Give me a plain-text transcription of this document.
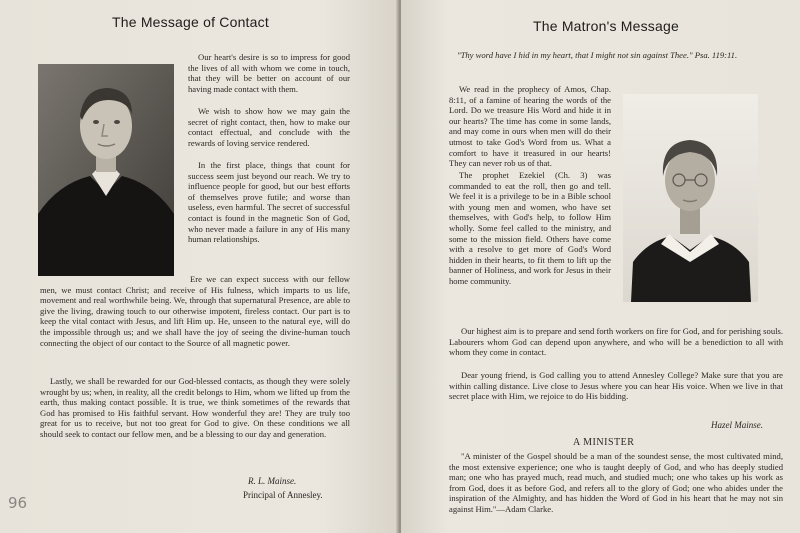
The Message of Contact

Our heart's desire is so to impress for good the lives of all with whom we come in touch, that they will be better on account of our having made contact with them.

We wish to show how we may gain the secret of right contact, then, how to make our contact effectual, and conclude with the rewards of loving service rendered.

In the first place, things that count for success seem just beyond our reach. We try to influence people for good, but our best efforts of themselves prove futile; and worse than useless, even harmful. The secret of successful contact is found in the magnetic Son of God, who never made a failure in any of His many human relationships.

Ere we can expect success with our fellow men, we must contact Christ; and receive of His fulness, which imparts to us life, movement and real worthwhile being. We, through that supernatural Presence, are able to give the living, drawing touch to our otherwise impotent, fireless contact. Our part is to keep the vital contact with Jesus, and lift Him up. He, unseen to the natural eye, will do the impossible through us; and we shall have the joy of seeing the divine-human touch connecting the object of our contact to the Source of all magnetic power.

Lastly, we shall be rewarded for our God-blessed contacts, as though they were solely wrought by us; when, in reality, all the credit belongs to Him, whom we lifted up from the earth, thus making contact possible. It is true, we think sometimes of the rewards that God has promised to His faithful servant. How wonderful they are! They are truly too great for us to receive, but not too great for God to give. On these conditions we all should seek to contact our fellow men, and be a blessing to our day and generation.

R. L. Mainse.
Principal of Annesley.
96
The Matron's Message

"Thy word have I hid in my heart, that I might not sin against Thee." Psa. 119:11.

We read in the prophecy of Amos, Chap. 8:11, of a famine of hearing the words of the Lord. Do we treasure His Word and hide it in our hearts? The time has come in some lands, and may come in ours when men will do their utmost to take God's Word from us. What a comfort to have it treasured in our hearts! They can never rob us of that.

The prophet Ezekiel (Ch. 3) was commanded to eat the roll, then go and tell. We feel it is a privilege to be in a Bible school with young men and women, who have set themselves, with God's help, to follow Him wholly. Some feel called to the ministry, and some to the mission field. Others have come with a resolve to get more of God's Word hidden in their hearts, to fit them to lift up the banner of Holiness, and work for Jesus in their home community.

Our highest aim is to prepare and send forth workers on fire for God, and for perishing souls. Labourers whom God can depend upon anywhere, and who will be a benediction to all with whom they come in contact.

Dear young friend, is God calling you to attend Annesley College? Make sure that you are within calling distance. Live close to Jesus where you can hear His voice. When we live in that secret place with Him, we rejoice to do His bidding.

Hazel Mainse.
A MINISTER

"A minister of the Gospel should be a man of the soundest sense, the most cultivated mind, the most extensive experience; one who is taught deeply of God, and who has deeply studied man; one who has prayed much, read much, and studied much; one who takes up his work as from God, does it as before God, and refers all to the glory of God; one who abides under the inspiration of the Almighty, and has hidden the Word of God in his heart that he may not sin against Him."—Adam Clarke.
